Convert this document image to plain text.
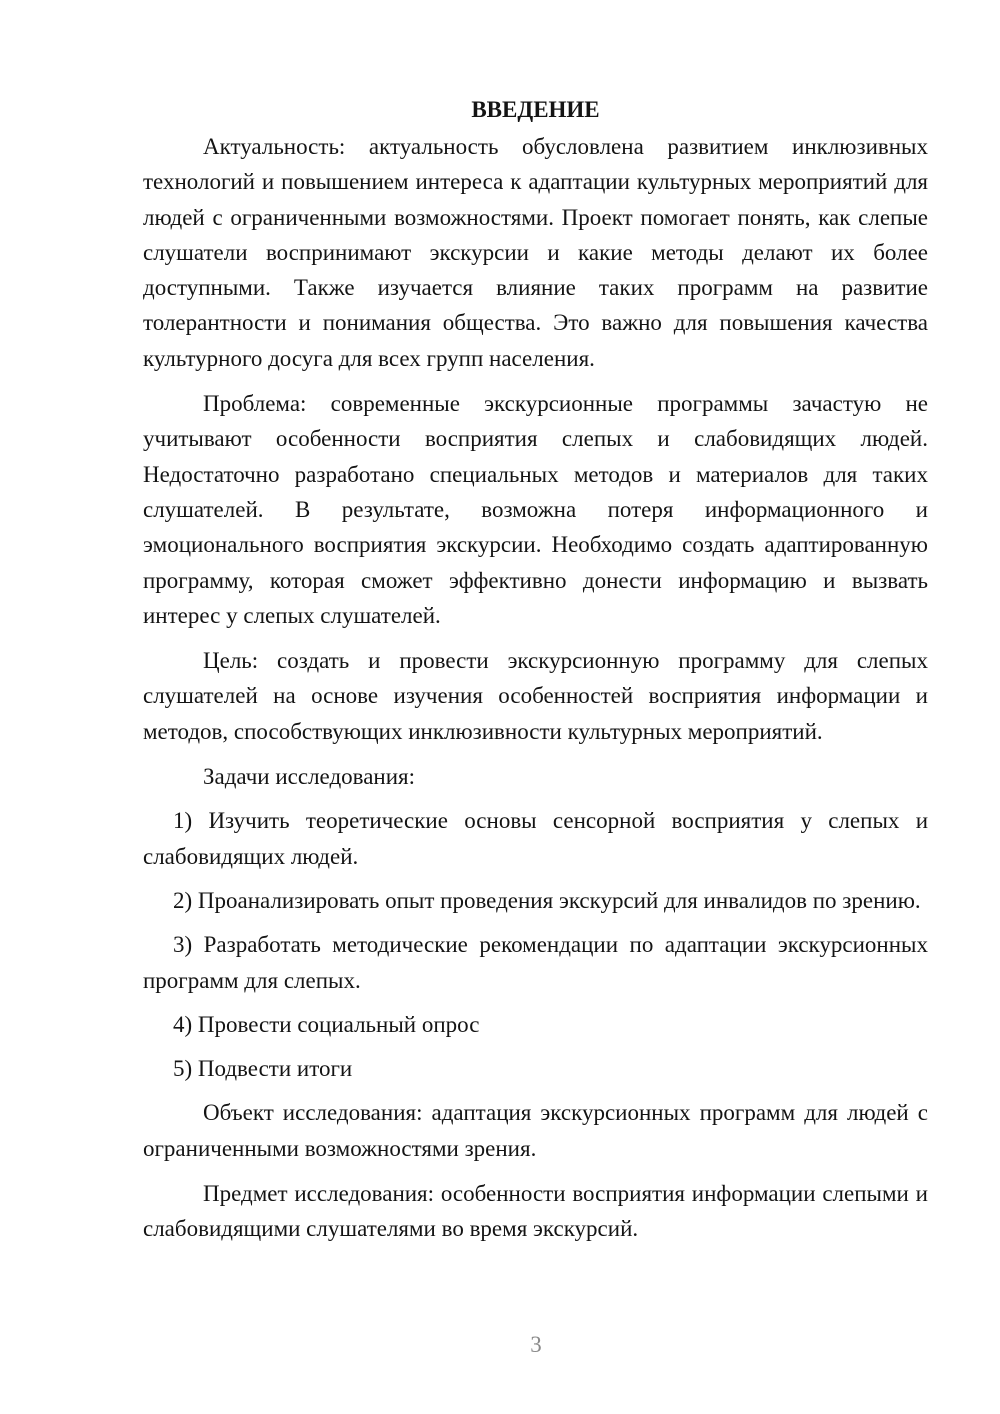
ВВЕДЕНИЕ

Актуальность: актуальность обусловлена развитием инклюзивных технологий и повышением интереса к адаптации культурных мероприятий для людей с ограниченными возможностями. Проект помогает понять, как слепые слушатели воспринимают экскурсии и какие методы делают их более доступными. Также изучается влияние таких программ на развитие толерантности и понимания общества. Это важно для повышения качества культурного досуга для всех групп населения.

Проблема: современные экскурсионные программы зачастую не учитывают особенности восприятия слепых и слабовидящих людей. Недостаточно разработано специальных методов и материалов для таких слушателей. В результате, возможна потеря информационного и эмоционального восприятия экскурсии. Необходимо создать адаптированную программу, которая сможет эффективно донести информацию и вызвать интерес у слепых слушателей.

Цель: создать и провести экскурсионную программу для слепых слушателей на основе изучения особенностей восприятия информации и методов, способствующих инклюзивности культурных мероприятий.

Задачи исследования:

1) Изучить теоретические основы сенсорной восприятия у слепых и слабовидящих людей.

2) Проанализировать опыт проведения экскурсий для инвалидов по зрению.

3) Разработать методические рекомендации по адаптации экскурсионных программ для слепых.

4) Провести социальный опрос

5) Подвести итоги

Объект исследования: адаптация экскурсионных программ для людей с ограниченными возможностями зрения.

Предмет исследования: особенности восприятия информации слепыми и слабовидящими слушателями во время экскурсий.

3
